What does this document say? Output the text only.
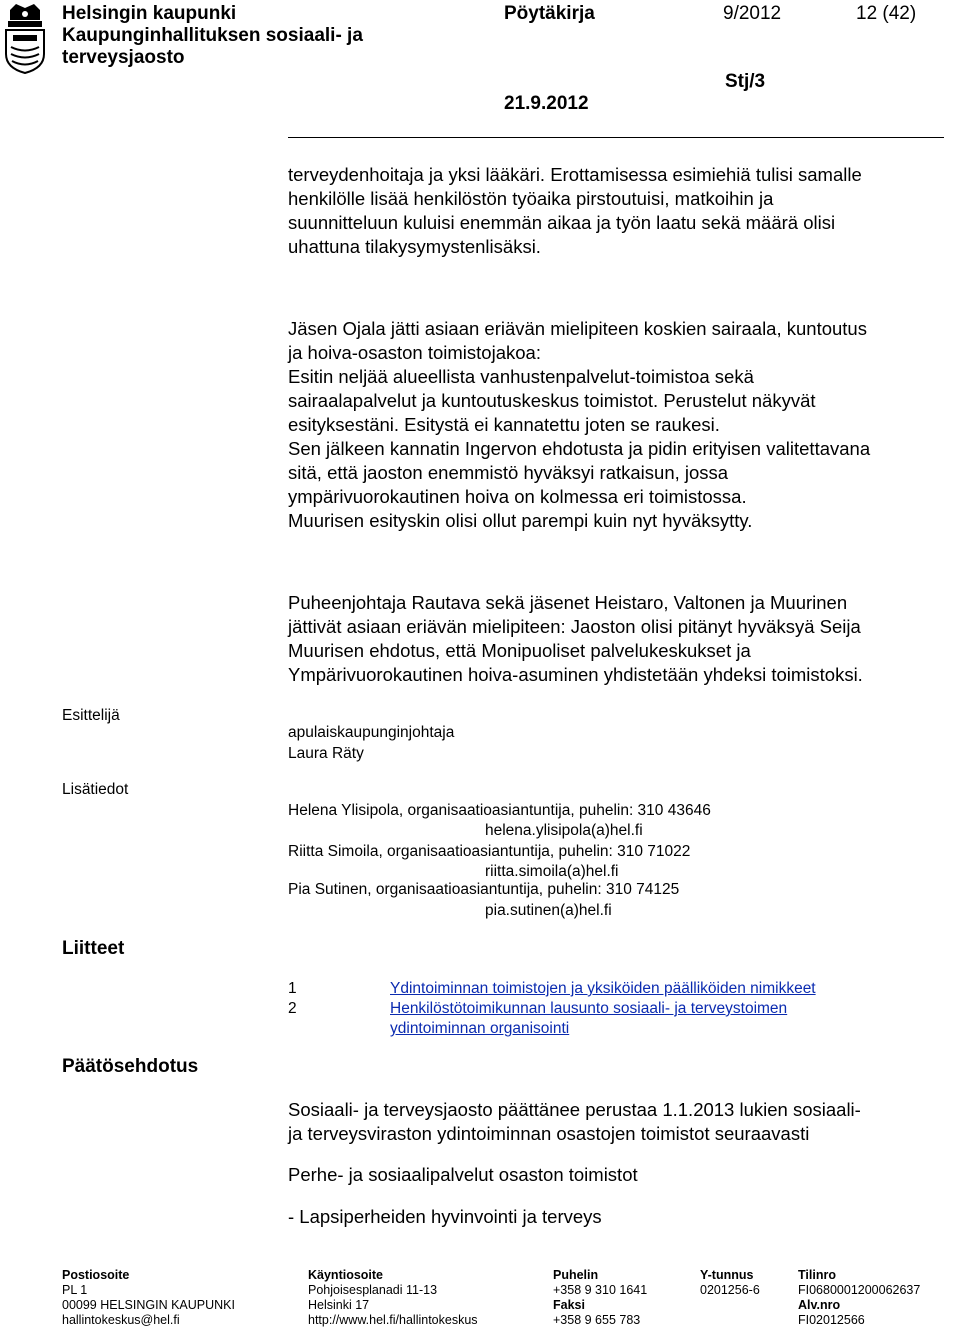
Helsingin kaupunki
Kaupunginhallituksen sosiaali- ja
terveysjaosto
Pöytäkirja	9/2012	12 (42)
Stj/3
21.9.2012
terveydenhoitaja ja yksi lääkäri. Erottamisessa esimiehiä tulisi samalle
henkilölle lisää henkilöstön työaika pirstoutuisi, matkoihin ja
suunnitteluun kuluisi enemmän aikaa ja työn laatu sekä määrä olisi
uhattuna tilakysymystenlisäksi.
Jäsen Ojala jätti asiaan eriävän mielipiteen koskien sairaala, kuntoutus
ja hoiva-osaston toimistojakoa:
Esitin neljää alueellista vanhustenpalvelut-toimistoa sekä
sairaalapalvelut ja kuntoutuskeskus toimistot. Perustelut näkyvät
esityksestäni. Esitystä ei kannatettu joten se raukesi.
Sen jälkeen kannatin Ingervon ehdotusta ja pidin erityisen valitettavana
sitä, että jaoston enemmistö hyväksyi ratkaisun, jossa
ympärivuorokautinen hoiva on kolmessa eri toimistossa.
Muurisen esityskin olisi ollut parempi kuin nyt hyväksytty.
Puheenjohtaja Rautava sekä jäsenet Heistaro, Valtonen ja Muurinen
jättivät asiaan eriävän mielipiteen: Jaoston olisi pitänyt hyväksyä Seija
Muurisen ehdotus, että Monipuoliset palvelukeskukset ja
Ympärivuorokautinen hoiva-asuminen yhdistetään yhdeksi toimistoksi.
Esittelijä
apulaiskaupunginjohtaja
Laura Räty
Lisätiedot
Helena Ylisipola, organisaatioasiantuntija, puhelin: 310 43646
helena.ylisipola(a)hel.fi
Riitta Simoila, organisaatioasiantuntija, puhelin: 310 71022
riitta.simoila(a)hel.fi
Pia Sutinen, organisaatioasiantuntija, puhelin: 310 74125
pia.sutinen(a)hel.fi
Liitteet
1	Ydintoiminnan toimistojen ja yksiköiden päälliköiden nimikkeet
2	Henkilöstötoimikunnan lausunto sosiaali- ja terveystoimen
ydintoiminnan organisointi
Päätösehdotus
Sosiaali- ja terveysjaosto päättänee perustaa 1.1.2013 lukien sosiaali-
ja terveysviraston ydintoiminnan osastojen toimistot seuraavasti
Perhe- ja sosiaalipalvelut osaston toimistot
- Lapsiperheiden hyvinvointi ja terveys
Postiosoite
PL 1
00099 HELSINGIN KAUPUNKI
hallintokeskus@hel.fi
Käyntiosoite
Pohjoisesplanadi 11-13
Helsinki 17
http://www.hel.fi/hallintokeskus
Puhelin
+358 9 310 1641
Faksi
+358 9 655 783
Y-tunnus
0201256-6
Tilinro
FI0680001200062637
Alv.nro
FI02012566
